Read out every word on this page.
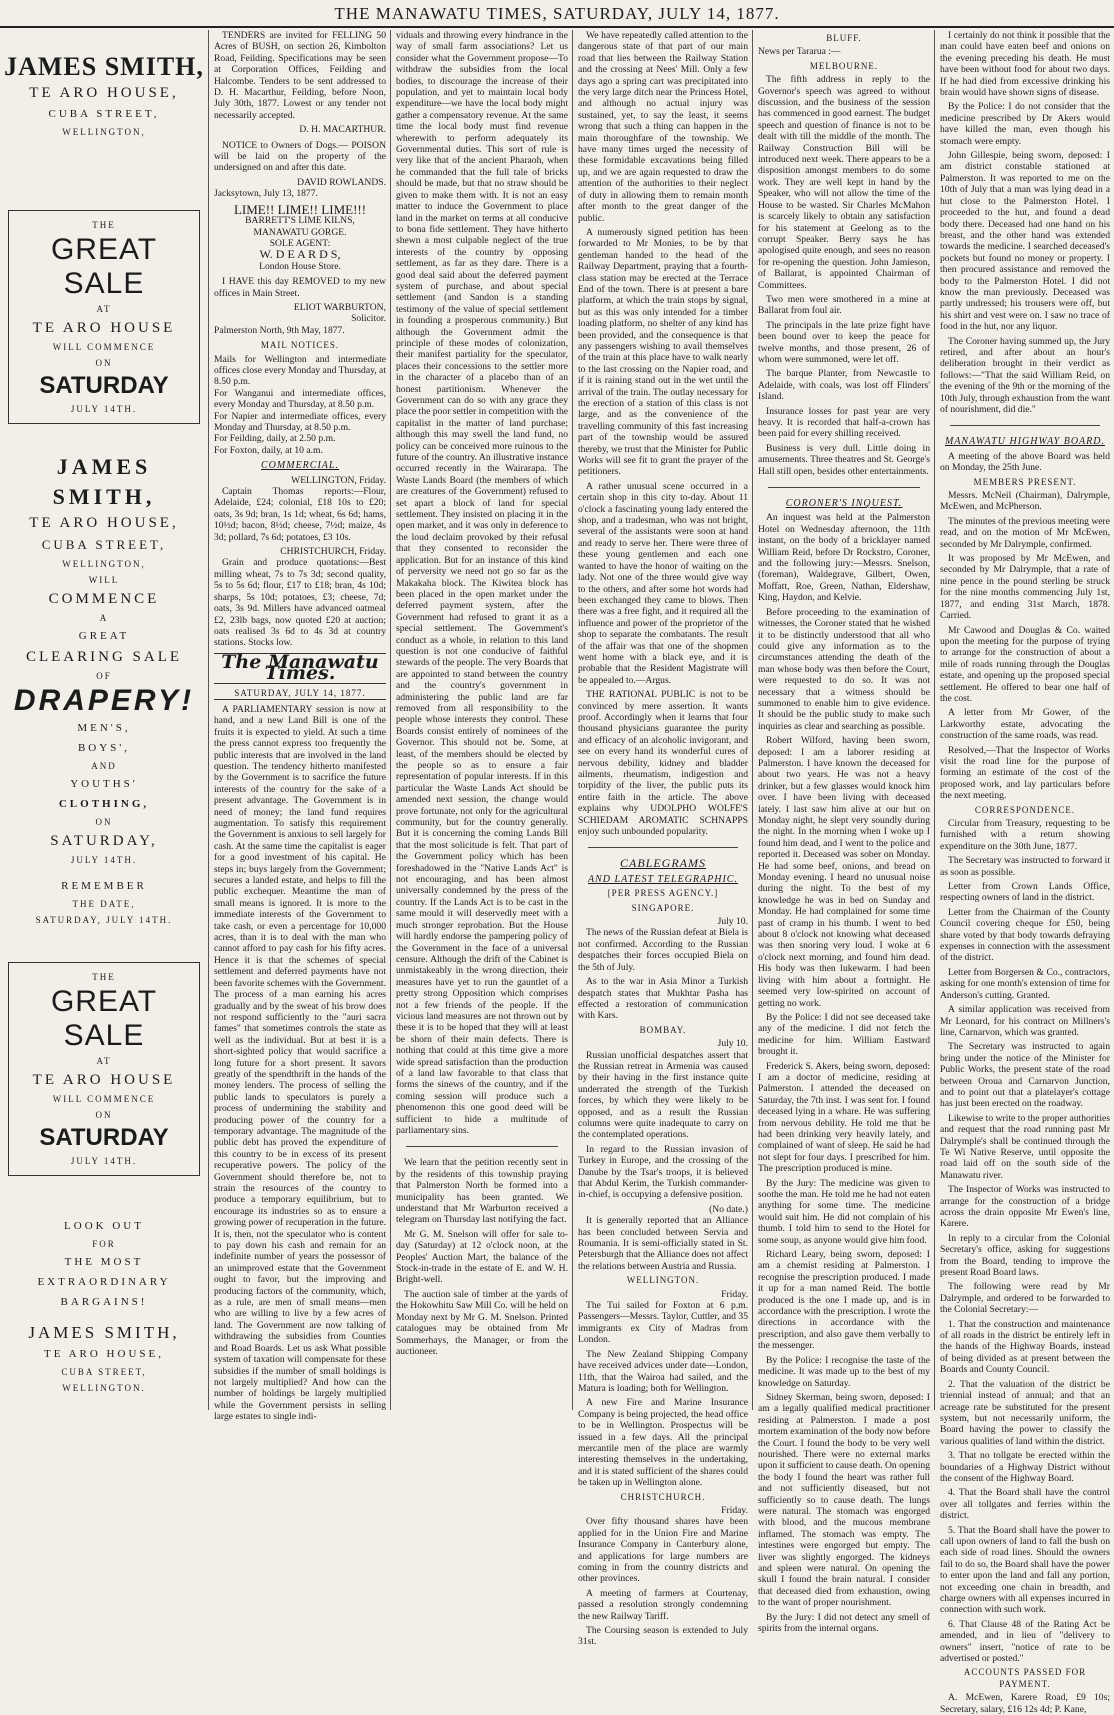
THE MANAWATU TIMES, SATURDAY, JULY 14, 1877.
JAMES SMITH,
TE ARO HOUSE,
CUBA STREET,
WELLINGTON,
THE
GREAT SALE
AT
TE ARO HOUSE
WILL COMMENCE
ON
SATURDAY
JULY 14TH.
JAMES SMITH,
TE ARO HOUSE,
CUBA STREET,
WELLINGTON,
WILL
COMMENCE
A
GREAT
CLEARING SALE
OF
DRAPERY!
MEN'S,
BOYS',
AND
YOUTHS'
CLOTHING,
ON
SATURDAY,
JULY 14TH.
REMEMBER
THE DATE,
SATURDAY, JULY 14TH.
THE
GREAT SALE
AT
TE ARO HOUSE
WILL COMMENCE
ON
SATURDAY
JULY 14TH.
LOOK OUT
FOR
THE MOST
EXTRAORDINARY
BARGAINS!
JAMES SMITH,
TE ARO HOUSE,
CUBA STREET,
WELLINGTON.

TENDERS are invited for FELLING 50 Acres of BUSH, on section 26, Kimbolton Road, Feilding. Specifications may be seen at Corporation Offices, Feilding and Halcombe. Tenders to be sent addressed to D. H. Macarthur, Feilding, before Noon, July 30th, 1877. Lowest or any tender not necessarily accepted.

D. H. MACARTHUR.

NOTICE to Owners of Dogs.— POISON will be laid on the property of the undersigned on and after this date.

DAVID ROWLANDS.
Jacksytown, July 13, 1877.
LIME!! LIME!! LIME!!!
BARRETT'S LIME KILNS,
MANAWATU GORGE.
SOLE AGENT:
W. D E A R D S,
London House Store.

I HAVE this day REMOVED to my new offices in Main Street.

ELIOT WARBURTON,
Solicitor.
Palmerston North, 9th May, 1877.
MAIL NOTICES.
Mails for Wellington and intermediate offices close every Monday and Thursday, at 8.50 p.m.
For Wanganui and intermediate offices, every Monday and Thursday, at 8.50 p.m.
For Napier and intermediate offices, every Monday and Thursday, at 8.50 p.m.
For Feilding, daily, at 2.50 p.m.
For Foxton, daily, at 10 a.m.
COMMERCIAL.
WELLINGTON, Friday.

Captain Thomas reports:—Flour, Adelaide, £24; colonial, £18 10s to £20; oats, 3s 9d; bran, 1s 1d; wheat, 6s 6d; hams, 10½d; bacon, 8½d; cheese, 7½d; maize, 4s 3d; pollard, 7s 6d; potatoes, £3 10s.

CHRISTCHURCH, Friday.

Grain and produce quotations:—Best milling wheat, 7s to 7s 3d; second quality, 5s to 5s 6d; flour, £17 to £18; bran, 4s 10d; sharps, 5s 10d; potatoes, £3; cheese, 7d; oats, 3s 9d. Millers have advanced oatmeal £2, 23lb bags, now quoted £20 at auction; oats realised 3s 6d to 4s 3d at country stations. Stocks low.

The Manawatu Times.
SATURDAY, JULY 14, 1877.

A PARLIAMENTARY session is now at hand, and a new Land Bill is one of the fruits it is expected to yield. At such a time the press cannot express too frequently the public interests that are involved in the land question. The tendency hitherto manifested by the Government is to sacrifice the future interests of the country for the sake of a present advantage. The Government is in need of money; the land fund requires augmentation. To satisfy this requirement the Government is anxious to sell largely for cash. At the same time the capitalist is eager for a good investment of his capital. He steps in; buys largely from the Government; secures a landed estate, and helps to fill the public exchequer. Meantime the man of small means is ignored. It is more to the immediate interests of the Government to take cash, or even a percentage for 10,000 acres, than it is to deal with the man who cannot afford to pay cash for his fifty acres. Hence it is that the schemes of special settlement and deferred payments have not been favorite schemes with the Government. The process of a man earning his acres gradually and by the sweat of his brow does not respond sufficiently to the "auri sacra fames" that sometimes controls the state as well as the individual. But at best it is a short-sighted policy that would sacrifice a long future for a short present. It savors greatly of the spendthrift in the hands of the money lenders. The process of selling the public lands to speculators is purely a process of undermining the stability and producing power of the country for a temporary advantage. The magnitude of the public debt has proved the expenditure of this country to be in excess of its present recuperative powers. The policy of the Government should therefore be, not to strain the resources of the country to produce a temporary equilibrium, but to encourage its industries so as to ensure a growing power of recuperation in the future. It is, then, not the speculator who is content to pay down his cash and remain for an indefinite number of years the possessor of an unimproved estate that the Government ought to favor, but the improving and producing factors of the community, which, as a rule, are men of small means—men who are willing to live by a few acres of land. The Government are now talking of withdrawing the subsidies from Counties and Road Boards. Let us ask What possible system of taxation will compensate for these subsidies if the number of small holdings is not largely multiplied? And how can the number of holdings be largely multiplied while the Government persists in selling large estates to single indi-

viduals and throwing every hindrance in the way of small farm associations? Let us consider what the Government propose—To withdraw the subsidies from the local bodies, to discourage the increase of their population, and yet to maintain local body expenditure—we have the local body might gather a compensatory revenue. At the same time the local body must find revenue wherewith to perform adequately its Governmental duties. This sort of rule is very like that of the ancient Pharaoh, when he commanded that the full tale of bricks should be made, but that no straw should be given to make them with. It is not an easy matter to induce the Government to place land in the market on terms at all conducive to bona fide settlement. They have hitherto shewn a most culpable neglect of the true interests of the country by opposing settlement, as far as they dare. There is a good deal said about the deferred payment system of purchase, and about special settlement (and Sandon is a standing testimony of the value of special settlement in founding a prosperous community.) But although the Government admit the principle of these modes of colonization, their manifest partiality for the speculator, places their concessions to the settler more in the character of a placebo than of an honest partitionism. Whenever the Government can do so with any grace they place the poor settler in competition with the capitalist in the matter of land purchase; although this may swell the land fund, no policy can be conceived more ruinous to the future of the country. An illustrative instance occurred recently in the Wairarapa. The Waste Lands Board (the members of which are creatures of the Government) refused to set apart a block of land for special settlement. They insisted on placing it in the open market, and it was only in deference to the loud declaim provoked by their refusal that they consented to reconsider the application. But for an instance of this kind of perversity we need not go so far as the Makakaha block. The Kiwitea block has been placed in the open market under the deferred payment system, after the Government had refused to grant it as a special settlement. The Government's conduct as a whole, in relation to this land question is not one conducive of faithful stewards of the people. The very Boards that are appointed to stand between the country and the country's government in administering the public land are far removed from all responsibility to the people whose interests they control. These Boards consist entirely of nominees of the Governor. This should not be. Some, at least, of the members should be elected by the people so as to ensure a fair representation of popular interests. If in this particular the Waste Lands Act should be amended next session, the change would prove fortunate, not only for the agricultural community, but for the country generally. But it is concerning the coming Lands Bill that the most solicitude is felt. That part of the Government policy which has been foreshadowed in the "Native Lands Act" is not encouraging, and has been almost universally condemned by the press of the country. If the Lands Act is to be cast in the same mould it will deservedly meet with a much stronger reprobation. But the House will hardly endorse the pampering policy of the Government in the face of a universal censure. Although the drift of the Cabinet is unmistakeably in the wrong direction, their measures have yet to run the gauntlet of a pretty strong Opposition which comprises not a few friends of the people. If the vicious land measures are not thrown out by these it is to be hoped that they will at least be shorn of their main defects. There is nothing that could at this time give a more wide spread satisfaction than the production of a land law favorable to that class that forms the sinews of the country, and if the coming session will produce such a phenomenon this one good deed will be sufficient to hide a multitude of parliamentary sins.

We learn that the petition recently sent in by the residents of this township praying that Palmerston North be formed into a municipality has been granted. We understand that Mr Warburton received a telegram on Thursday last notifying the fact.

Mr G. M. Snelson will offer for sale to-day (Saturday) at 12 o'clock noon, at the Peoples' Auction Mart, the balance of the Stock-in-trade in the estate of E. and W. H. Bright-well.

The auction sale of timber at the yards of the Hokowhitu Saw Mill Co. will be held on Monday next by Mr G. M. Snelson. Printed catalogues may be obtained from Mr Sommerhays, the Manager, or from the auctioneer.

We have repeatedly called attention to the dangerous state of that part of our main road that lies between the Railway Station and the crossing at Nees' Mill. Only a few days ago a spring cart was precipitated into the very large ditch near the Princess Hotel, and although no actual injury was sustained, yet, to say the least, it seems wrong that such a thing can happen in the main thoroughfare of the township. We have many times urged the necessity of these formidable excavations being filled up, and we are again requested to draw the attention of the authorities to their neglect of duty in allowing them to remain month after month to the great danger of the public.

A numerously signed petition has been forwarded to Mr Monies, to be by that gentleman handed to the head of the Railway Department, praying that a fourth-class station may be erected at the Terrace End of the town. There is at present a bare platform, at which the train stops by signal, but as this was only intended for a timber loading platform, no shelter of any kind has been provided, and the consequence is that any passengers wishing to avail themselves of the train at this place have to walk nearly to the last crossing on the Napier road, and if it is raining stand out in the wet until the arrival of the train. The outlay necessary for the erection of a station of this class is not large, and as the convenience of the travelling community of this fast increasing part of the township would be assured thereby, we trust that the Minister for Public Works will see fit to grant the prayer of the petitioners.

A rather unusual scene occurred in a certain shop in this city to-day. About 11 o'clock a fascinating young lady entered the shop, and a tradesman, who was not bright, several of the assistants were soon at hand and ready to serve her. There were three of these young gentlemen and each one wanted to have the honor of waiting on the lady. Not one of the three would give way to the others, and after some hot words had been exchanged they came to blows. Then there was a free fight, and it required all the influence and power of the proprietor of the shop to separate the combatants. The result of the affair was that one of the shopmen went home with a black eye, and it is probable that the Resident Magistrate will be appealed to.—Argus.

THE RATIONAL PUBLIC is not to be convinced by mere assertion. It wants proof. Accordingly when it learns that four thousand physicians guarantee the purity and efficacy of an alcoholic invigorant, and see on every hand its wonderful cures of nervous debility, kidney and bladder ailments, rheumatism, indigestion and torpidity of the liver, the public puts its entire faith in the article. The above explains why UDOLPHO WOLFE'S SCHIEDAM AROMATIC SCHNAPPS enjoy such unbounded popularity.

CABLEGRAMS
AND LATEST TELEGRAPHIC.
[PER PRESS AGENCY.]
SINGAPORE.
July 10.

The news of the Russian defeat at Biela is not confirmed. According to the Russian despatches their forces occupied Biela on the 5th of July.

As to the war in Asia Minor a Turkish despatch states that Mukhtar Pasha has effected a restoration of communication with Kars.

BOMBAY.
July 10.

Russian unofficial despatches assert that the Russian retreat in Armenia was caused by their having in the first instance quite underrated the strength of the Turkish forces, by which they were likely to be opposed, and as a result the Russian columns were quite inadequate to carry on the contemplated operations.

In regard to the Russian invasion of Turkey in Europe, and the crossing of the Danube by the Tsar's troops, it is believed that Abdul Kerim, the Turkish commander-in-chief, is occupying a defensive position.

(No date.)

It is generally reported that an Alliance has been concluded between Servia and Roumania. It is semi-officially stated in St. Petersburgh that the Alliance does not affect the relations between Austria and Russia.

WELLINGTON.
Friday.

The Tui sailed for Foxton at 6 p.m. Passengers—Messrs. Taylor, Cuttler, and 35 immigrants ex City of Madras from London.

The New Zealand Shipping Company have received advices under date—London, 11th, that the Wairoa had sailed, and the Matura is loading; both for Wellington.

A new Fire and Marine Insurance Company is being projected, the head office to be in Wellington. Prospectus will be issued in a few days. All the principal mercantile men of the place are warmly interesting themselves in the undertaking, and it is stated sufficient of the shares could be taken up in Wellington alone.

CHRISTCHURCH.
Friday.

Over fifty thousand shares have been applied for in the Union Fire and Marine Insurance Company in Canterbury alone, and applications for large numbers are coming in from the country districts and other provinces.

A meeting of farmers at Courtenay, passed a resolution strongly condemning the new Railway Tariff.

The Coursing season is extended to July 31st.

BLUFF.
News per Tararua :—
MELBOURNE.

The fifth address in reply to the Governor's speech was agreed to without discussion, and the business of the session has commenced in good earnest. The budget speech and question of finance is not to be dealt with till the middle of the month. The Railway Construction Bill will be introduced next week. There appears to be a disposition amongst members to do some work. They are well kept in hand by the Speaker, who will not allow the time of the House to be wasted. Sir Charles McMahon is scarcely likely to obtain any satisfaction for his statement at Geelong as to the corrupt Speaker. Berry says he has apologised quite enough, and sees no reason for re-opening the question. John Jamieson, of Ballarat, is appointed Chairman of Committees.

Two men were smothered in a mine at Ballarat from foul air.

The principals in the late prize fight have been bound over to keep the peace for twelve months, and those present, 26 of whom were summoned, were let off.

The barque Planter, from Newcastle to Adelaide, with coals, was lost off Flinders' Island.

Insurance losses for past year are very heavy. It is recorded that half-a-crown has been paid for every shilling received.

Business is very dull. Little doing in amusements. Three theatres and St. George's Hall still open, besides other entertainments.

CORONER'S INQUEST.

An inquest was held at the Palmerston Hotel on Wednesday afternoon, the 11th instant, on the body of a bricklayer named William Reid, before Dr Rockstro, Coroner, and the following jury:—Messrs. Snelson, (foreman), Waldegrave, Gilbert, Owen, Moffatt, Roe, Green, Nathan, Eldershaw, King, Haydon, and Kelvie.

Before proceeding to the examination of witnesses, the Coroner stated that he wished it to be distinctly understood that all who could give any information as to the circumstances attending the death of the man whose body was then before the Court, were requested to do so. It was not necessary that a witness should be summoned to enable him to give evidence. It should be the public study to make such inquiries as clear and searching as possible.

Robert Wilford, having been sworn, deposed: I am a laborer residing at Palmerston. I have known the deceased for about two years. He was not a heavy drinker, but a few glasses would knock him over. I have been living with deceased lately. I last saw him alive at our hut on Monday night, he slept very soundly during the night. In the morning when I woke up I found him dead, and I went to the police and reported it. Deceased was sober on Monday. He had some beef, onions, and bread on Monday evening. I heard no unusual noise during the night. To the best of my knowledge he was in bed on Sunday and Monday. He had complained for some time past of cramp in his thumb. I went to bed about 8 o'clock not knowing what deceased was then snoring very loud. I woke at 6 o'clock next morning, and found him dead. His body was then lukewarm. I had been living with him about a fortnight. He seemed very low-spirited on account of getting no work.

By the Police: I did not see deceased take any of the medicine. I did not fetch the medicine for him. William Eastward brought it.

Frederick S. Akers, being sworn, deposed: I am a doctor of medicine, residing at Palmerston. I attended the deceased on Saturday, the 7th inst. I was sent for. I found deceased lying in a whare. He was suffering from nervous debility. He told me that he had been drinking very heavily lately, and complained of want of sleep. He said he had not slept for four days. I prescribed for him. The prescription produced is mine.

By the Jury: The medicine was given to soothe the man. He told me he had not eaten anything for some time. The medicine would suit him. He did not complain of his thumb. I told him to send to the Hotel for some soup, as anyone would give him food.

Richard Leary, being sworn, deposed: I am a chemist residing at Palmerston. I recognise the prescription produced. I made it up for a man named Reid. The bottle produced is the one I made up, and is in accordance with the prescription. I wrote the directions in accordance with the prescription, and also gave them verbally to the messenger.

By the Police: I recognise the taste of the medicine. It was made up to the best of my knowledge on Saturday.

Sidney Skerman, being sworn, deposed: I am a legally qualified medical practitioner residing at Palmerston. I made a post mortem examination of the body now before the Court. I found the body to be very well nourished. There were no external marks upon it sufficient to cause death. On opening the body I found the heart was rather full and not sufficiently diseased, but not sufficiently so to cause death. The lungs were natural. The stomach was engorged with blood, and the mucous membrane inflamed. The stomach was empty. The intestines were engorged but empty. The liver was slightly engorged. The kidneys and spleen were natural. On opening the skull I found the brain natural. I consider that deceased died from exhaustion, owing to the want of proper nourishment.

By the Jury: I did not detect any smell of spirits from the internal organs.

I certainly do not think it possible that the man could have eaten beef and onions on the evening preceding his death. He must have been without food for about two days. If he had died from excessive drinking his brain would have shown signs of disease.

By the Police: I do not consider that the medicine prescribed by Dr Akers would have killed the man, even though his stomach were empty.

John Gillespie, being sworn, deposed: I am district constable stationed at Palmerston. It was reported to me on the 10th of July that a man was lying dead in a hut close to the Palmerston Hotel. I proceeded to the hut, and found a dead body there. Deceased had one hand on his breast, and the other hand was extended towards the medicine. I searched deceased's pockets but found no money or property. I then procured assistance and removed the body to the Palmerston Hotel. I did not know the man previously. Deceased was partly undressed; his trousers were off, but his shirt and vest were on. I saw no trace of food in the hut, nor any liquor.

The Coroner having summed up, the Jury retired, and after about an hour's deliberation brought in their verdict as follows:—"That the said William Reid, on the evening of the 9th or the morning of the 10th July, through exhaustion from the want of nourishment, did die."

MANAWATU HIGHWAY BOARD.

A meeting of the above Board was held on Monday, the 25th June.

MEMBERS PRESENT.

Messrs. McNeil (Chairman), Dalrymple, McEwen, and McPherson.

The minutes of the previous meeting were read, and on the motion of Mr McEwen, seconded by Mr Dalrymple, confirmed.

It was proposed by Mr McEwen, and seconded by Mr Dalrymple, that a rate of nine pence in the pound sterling be struck for the nine months commencing July 1st, 1877, and ending 31st March, 1878. Carried.

Mr Cawood and Douglas & Co. waited upon the meeting for the purpose of trying to arrange for the construction of about a mile of roads running through the Douglas estate, and opening up the proposed special settlement. He offered to bear one half of the cost.

A letter from Mr Gower, of the Larkworthy estate, advocating the construction of the same roads, was read.

Resolved,—That the Inspector of Works visit the road line for the purpose of forming an estimate of the cost of the proposed work, and lay particulars before the next meeting.

CORRESPONDENCE.

Circular from Treasury, requesting to be furnished with a return showing expenditure on the 30th June, 1877.

The Secretary was instructed to forward it as soon as possible.

Letter from Crown Lands Office, respecting owners of land in the district.

Letter from the Chairman of the County Council covering cheque for £50, being share voted by that body towards defraying expenses in connection with the assessment of the district.

Letter from Borgersen & Co., contractors, asking for one month's extension of time for Anderson's cutting. Granted.

A similar application was received from Mr Leonard, for his contract on Millners's line, Carnarvon, which was granted.

The Secretary was instructed to again bring under the notice of the Minister for Public Works, the present state of the road between Oroua and Carnarvon Junction, and to point out that a platelayer's cottage has just been erected on the roadway.

Likewise to write to the proper authorities and request that the road running past Mr Dalrymple's shall be continued through the Te Wi Native Reserve, until opposite the road laid off on the south side of the Manawatu river.

The Inspector of Works was instructed to arrange for the construction of a bridge across the drain opposite Mr Ewen's line, Karere.

In reply to a circular from the Colonial Secretary's office, asking for suggestions from the Board, tending to improve the present Road Board laws.

The following were read by Mr Dalrymple, and ordered to be forwarded to the Colonial Secretary:—

1. That the construction and maintenance of all roads in the district be entirely left in the hands of the Highway Boards, instead of being divided as at present between the Boards and County Council.

2. That the valuation of the district be triennial instead of annual; and that an acreage rate be substituted for the present system, but not necessarily uniform, the Board having the power to classify the various qualities of land within the district.

3. That no tollgate be erected within the boundaries of a Highway District without the consent of the Highway Board.

4. That the Board shall have the control over all tollgates and ferries within the district.

5. That the Board shall have the power to call upon owners of land to fall the bush on each side of road lines. Should the owners fail to do so, the Board shall have the power to enter upon the land and fall any portion, not exceeding one chain in breadth, and charge owners with all expenses incurred in connection with such work.

6. That Clause 48 of the Rating Act be amended, and in lieu of "delivery to owners" insert, "notice of rate to be advertised or posted."

ACCOUNTS PASSED FOR PAYMENT.

A. McEwen, Karere Road, £9 10s; Secretary, salary, £16 12s 4d; P. Kane,
